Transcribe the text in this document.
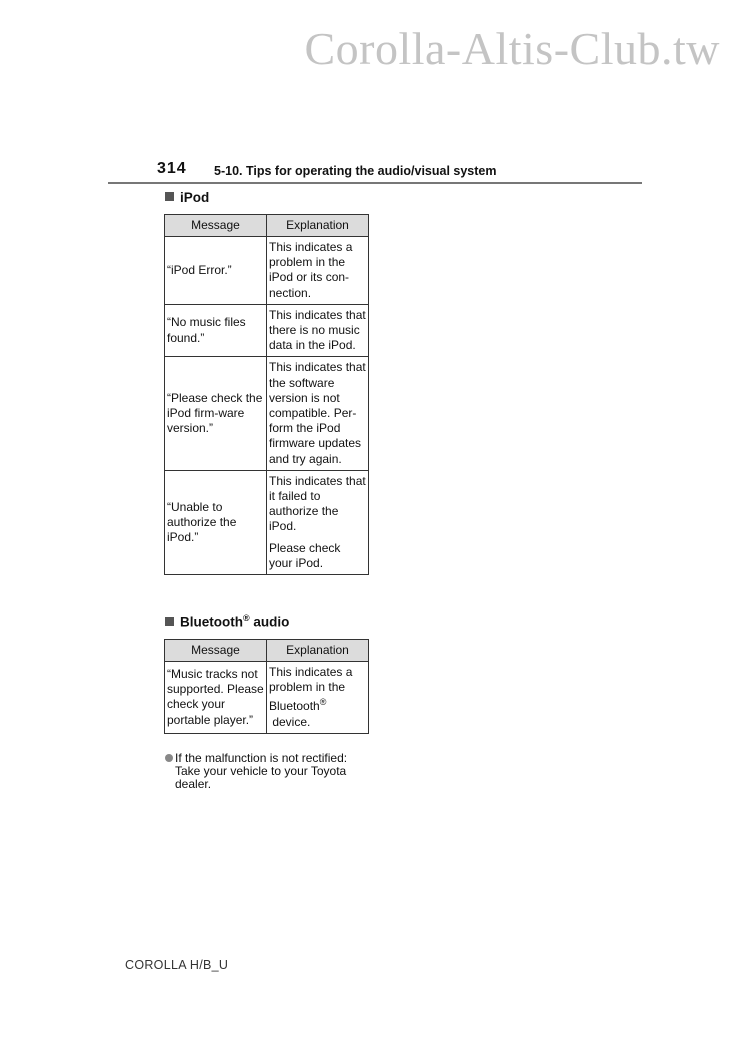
Corolla-Altis-Club.tw
314 5-10. Tips for operating the audio/visual system
iPod
Message	Explanation
“iPod Error.”	This indicates a problem in the iPod or its con-nection.

“No music files found.”	This indicates that there is no music data in the iPod.

“Please check the iPod firm-ware version.”	This indicates that the software version is not compatible. Per-form the iPod firmware updates and try again.

“Unable to authorize the iPod.”	This indicates that it failed to authorize the iPod.

Please check your iPod.

Bluetooth® audio
Message	Explanation
“Music tracks not supported. Please check your portable player.”	This indicates a problem in the Bluetooth® device.
If the malfunction is not rectified:
Take your vehicle to your Toyota dealer.
COROLLA H/B_U
